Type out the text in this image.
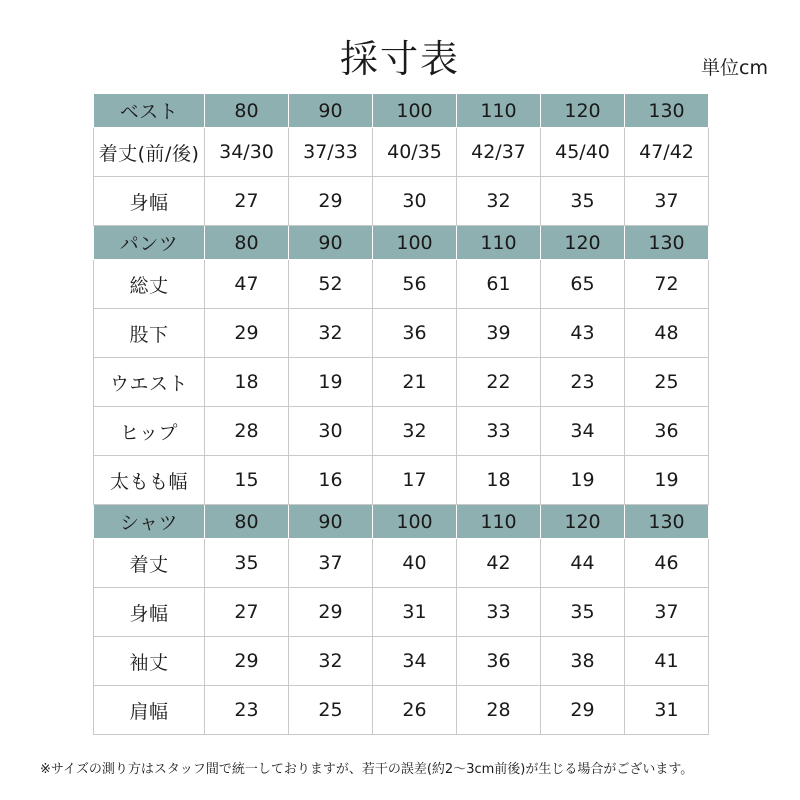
採寸表	単位cm
ベスト	80	90	100	110	120	130
着丈(前/後)	34/30	37/33	40/35	42/37	45/40	47/42
身幅	27	29	30	32	35	37
パンツ	80	90	100	110	120	130
総丈	47	52	56	61	65	72
股下	29	32	36	39	43	48
ウエスト	18	19	21	22	23	25
ヒップ	28	30	32	33	34	36
太もも幅	15	16	17	18	19	19
シャツ	80	90	100	110	120	130
着丈	35	37	40	42	44	46
身幅	27	29	31	33	35	37
袖丈	29	32	34	36	38	41
肩幅	23	25	26	28	29	31
※サイズの測り方はスタッフ間で統一しておりますが、若干の誤差(約2～3cm前後)が生じる場合がございます。
